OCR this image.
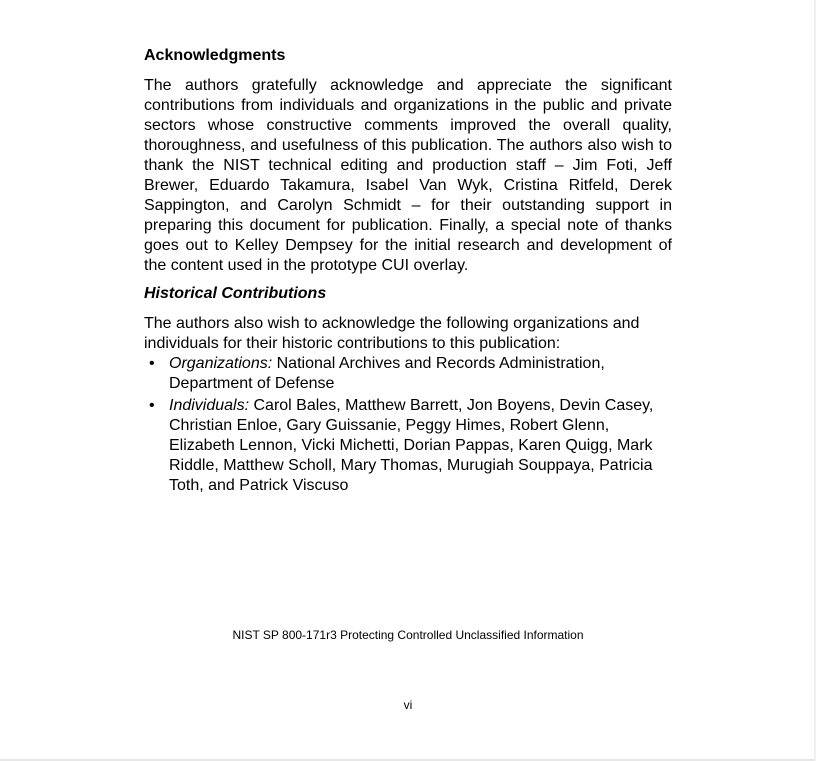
Acknowledgments

The authors gratefully acknowledge and appreciate the significant contributions from individuals and organizations in the public and private sectors whose constructive comments improved the overall quality, thoroughness, and usefulness of this publication. The authors also wish to thank the NIST technical editing and production staff – Jim Foti, Jeff Brewer, Eduardo Takamura, Isabel Van Wyk, Cristina Ritfeld, Derek Sappington, and Carolyn Schmidt – for their outstanding support in preparing this document for publication. Finally, a special note of thanks goes out to Kelley Dempsey for the initial research and development of the content used in the prototype CUI overlay.

Historical Contributions

The authors also wish to acknowledge the following organizations and individuals for their historic contributions to this publication:

• Organizations: National Archives and Records Administration, Department of Defense
• Individuals: Carol Bales, Matthew Barrett, Jon Boyens, Devin Casey, Christian Enloe, Gary Guissanie, Peggy Himes, Robert Glenn, Elizabeth Lennon, Vicki Michetti, Dorian Pappas, Karen Quigg, Mark Riddle, Matthew Scholl, Mary Thomas, Murugiah Souppaya, Patricia Toth, and Patrick Viscuso
NIST SP 800-171r3 Protecting Controlled Unclassified Information
vi
